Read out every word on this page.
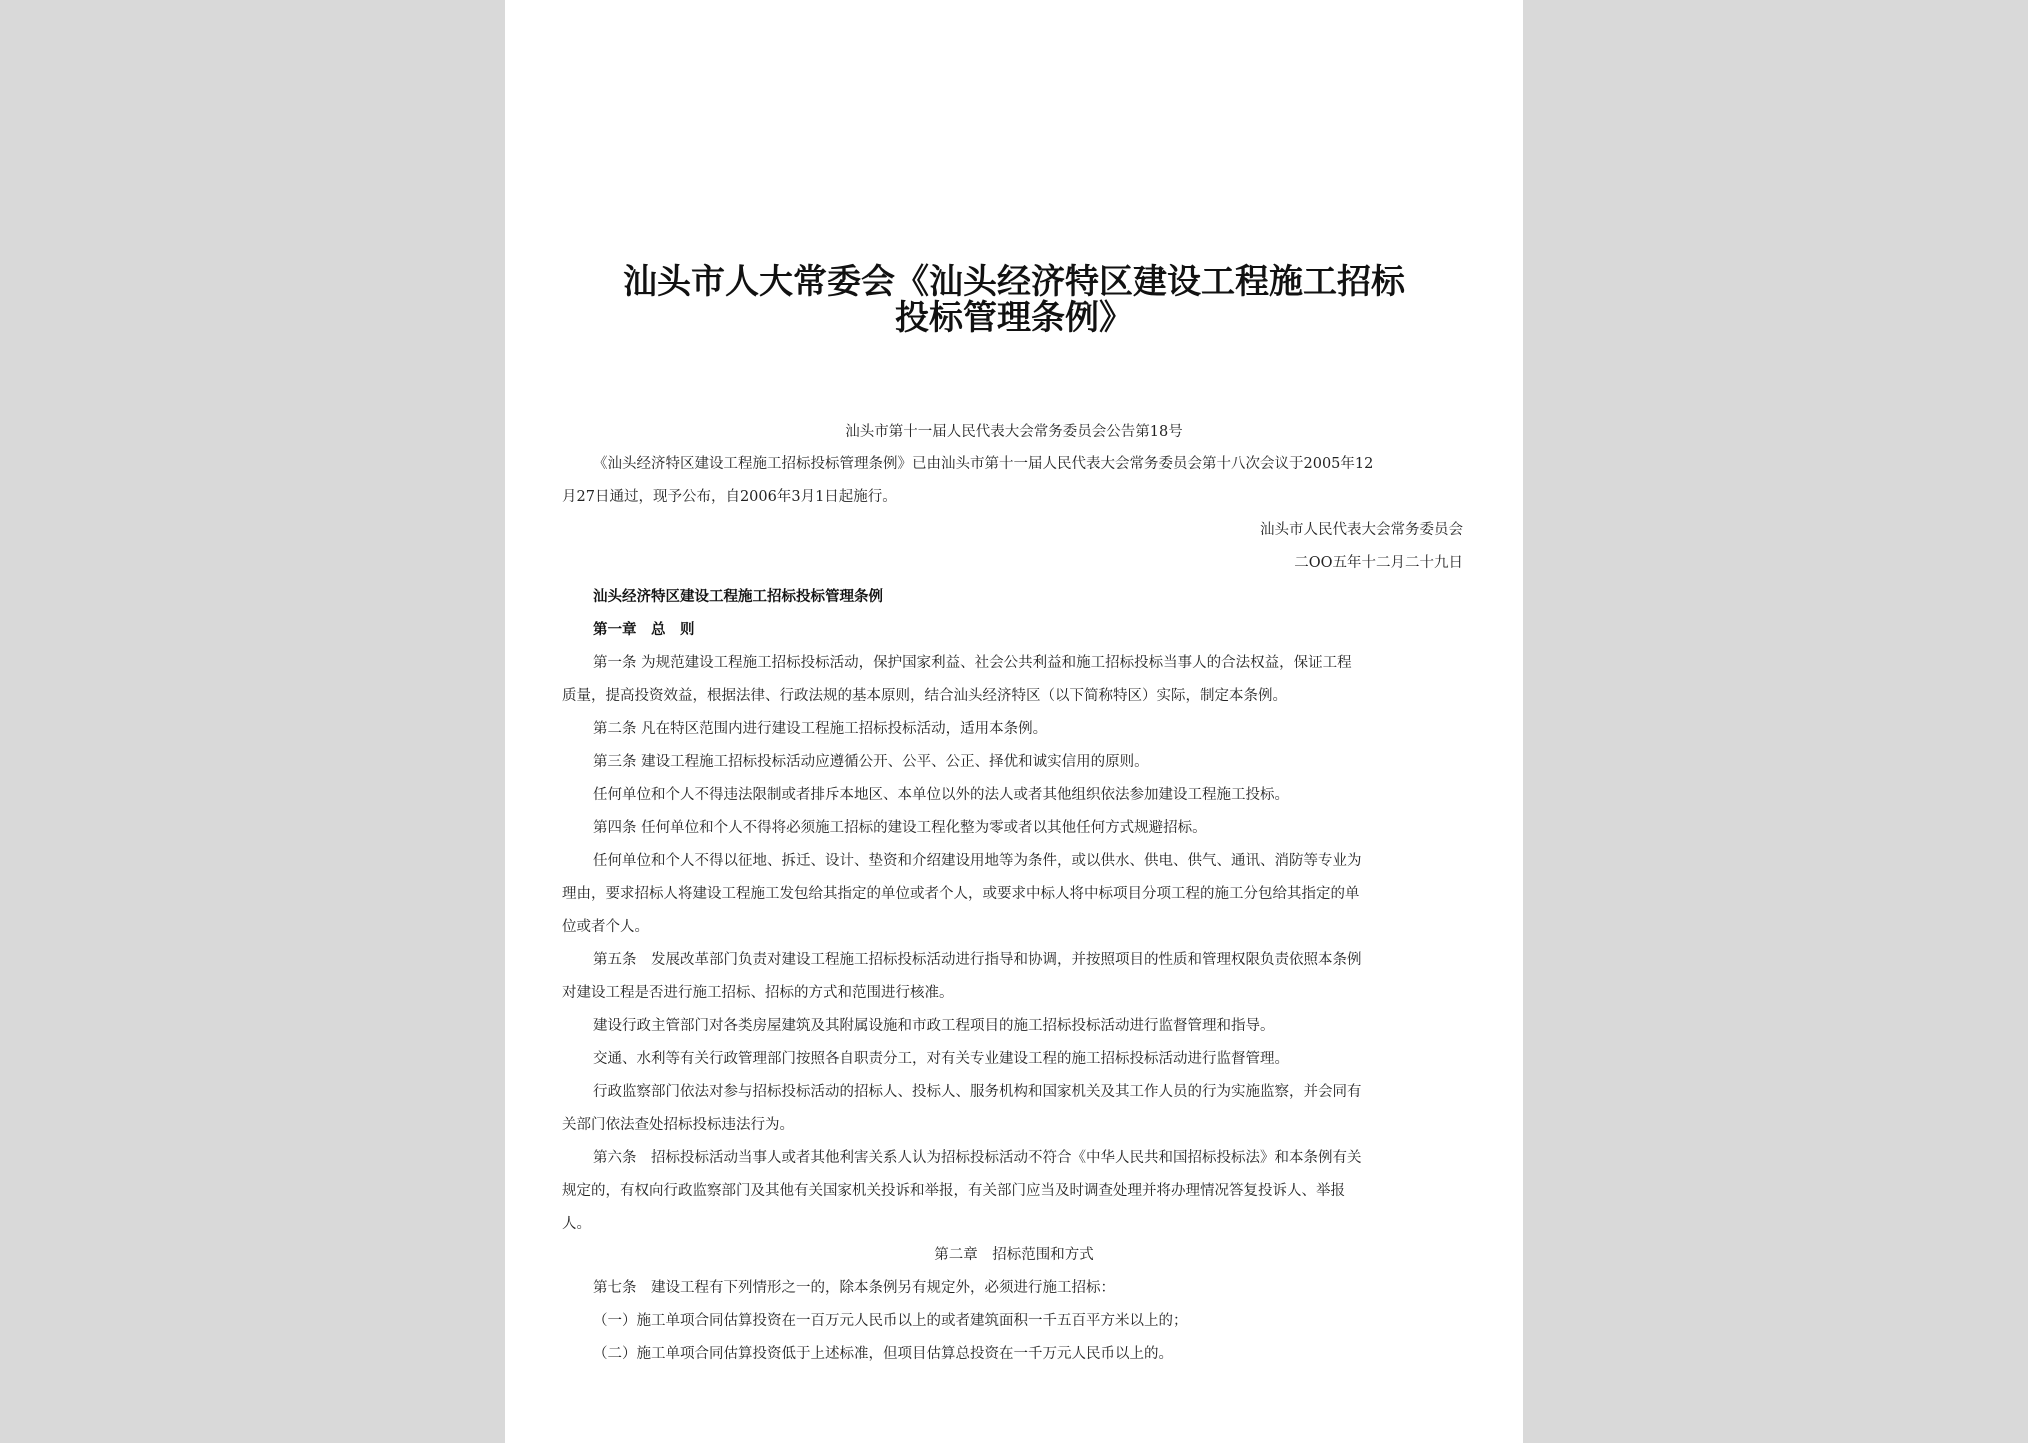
汕头市人大常委会《汕头经济特区建设工程施工招标
投标管理条例》
汕头市第十一届人民代表大会常务委员会公告第18号
《汕头经济特区建设工程施工招标投标管理条例》已由汕头市第十一届人民代表大会常务委员会第十八次会议于2005年12
月27日通过，现予公布，自2006年3月1日起施行。
汕头市人民代表大会常务委员会
二OO五年十二月二十九日
汕头经济特区建设工程施工招标投标管理条例
第一章　总　则
第一条 为规范建设工程施工招标投标活动，保护国家利益、社会公共利益和施工招标投标当事人的合法权益，保证工程
质量，提高投资效益，根据法律、行政法规的基本原则，结合汕头经济特区（以下简称特区）实际，制定本条例。
第二条 凡在特区范围内进行建设工程施工招标投标活动，适用本条例。
第三条 建设工程施工招标投标活动应遵循公开、公平、公正、择优和诚实信用的原则。
任何单位和个人不得违法限制或者排斥本地区、本单位以外的法人或者其他组织依法参加建设工程施工投标。
第四条 任何单位和个人不得将必须施工招标的建设工程化整为零或者以其他任何方式规避招标。
任何单位和个人不得以征地、拆迁、设计、垫资和介绍建设用地等为条件，或以供水、供电、供气、通讯、消防等专业为
理由，要求招标人将建设工程施工发包给其指定的单位或者个人，或要求中标人将中标项目分项工程的施工分包给其指定的单
位或者个人。
第五条　发展改革部门负责对建设工程施工招标投标活动进行指导和协调，并按照项目的性质和管理权限负责依照本条例
对建设工程是否进行施工招标、招标的方式和范围进行核准。
建设行政主管部门对各类房屋建筑及其附属设施和市政工程项目的施工招标投标活动进行监督管理和指导。
交通、水利等有关行政管理部门按照各自职责分工，对有关专业建设工程的施工招标投标活动进行监督管理。
行政监察部门依法对参与招标投标活动的招标人、投标人、服务机构和国家机关及其工作人员的行为实施监察，并会同有
关部门依法查处招标投标违法行为。
第六条　招标投标活动当事人或者其他利害关系人认为招标投标活动不符合《中华人民共和国招标投标法》和本条例有关
规定的，有权向行政监察部门及其他有关国家机关投诉和举报，有关部门应当及时调查处理并将办理情况答复投诉人、举报
人。
第二章　招标范围和方式
第七条　建设工程有下列情形之一的，除本条例另有规定外，必须进行施工招标：
（一）施工单项合同估算投资在一百万元人民币以上的或者建筑面积一千五百平方米以上的；
（二）施工单项合同估算投资低于上述标准，但项目估算总投资在一千万元人民币以上的。
